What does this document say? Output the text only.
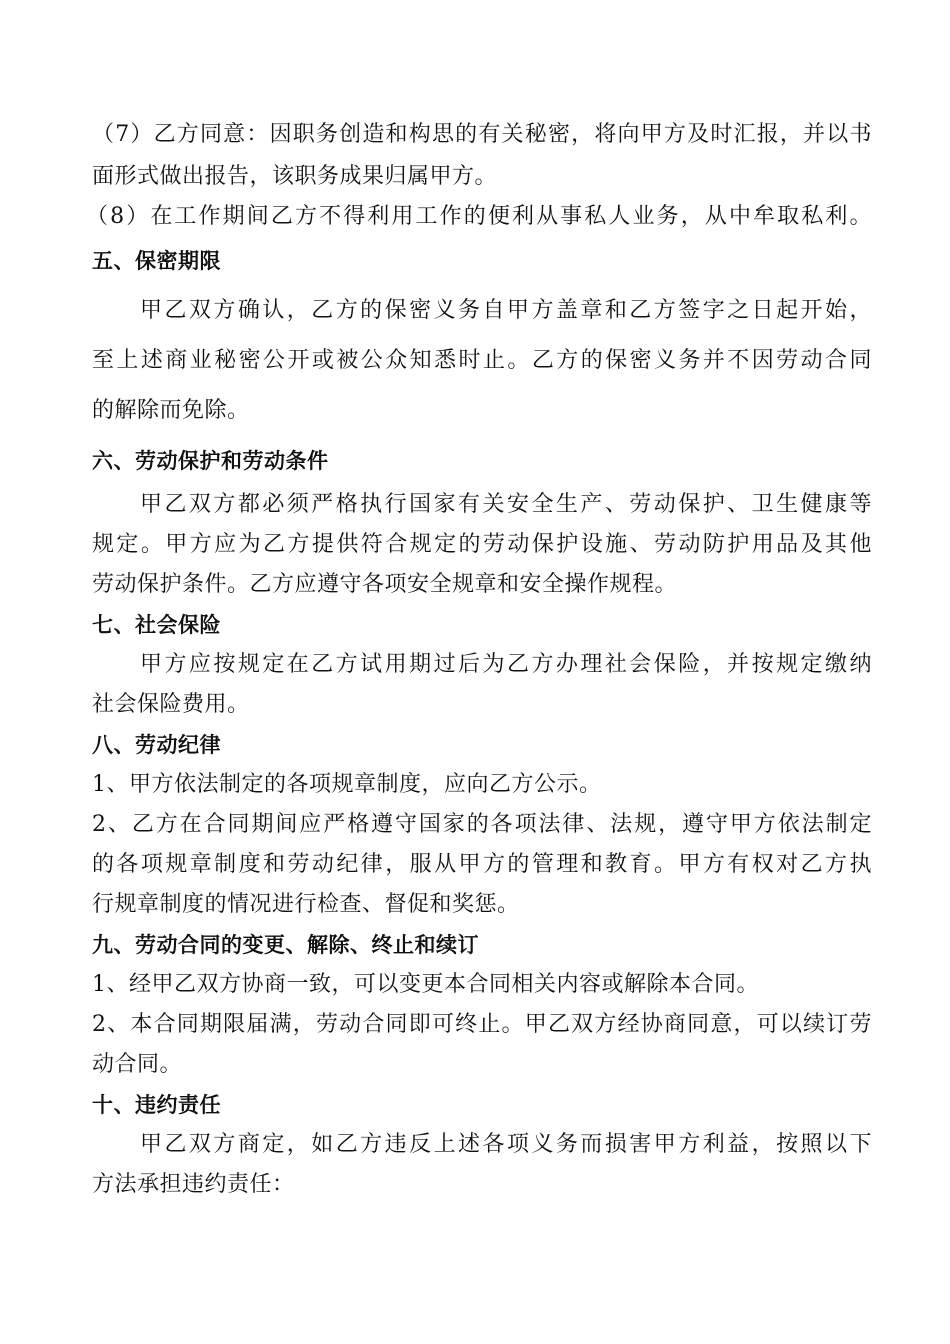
（7）乙方同意：因职务创造和构思的有关秘密，将向甲方及时汇报，并以书
面形式做出报告，该职务成果归属甲方。
（8）在工作期间乙方不得利用工作的便利从事私人业务，从中牟取私利。
五、保密期限
甲乙双方确认，乙方的保密义务自甲方盖章和乙方签字之日起开始，
至上述商业秘密公开或被公众知悉时止。乙方的保密义务并不因劳动合同
的解除而免除。
六、劳动保护和劳动条件
甲乙双方都必须严格执行国家有关安全生产、劳动保护、卫生健康等
规定。甲方应为乙方提供符合规定的劳动保护设施、劳动防护用品及其他
劳动保护条件。乙方应遵守各项安全规章和安全操作规程。
七、社会保险
甲方应按规定在乙方试用期过后为乙方办理社会保险，并按规定缴纳
社会保险费用。
八、劳动纪律
1、甲方依法制定的各项规章制度，应向乙方公示。
2、乙方在合同期间应严格遵守国家的各项法律、法规，遵守甲方依法制定
的各项规章制度和劳动纪律，服从甲方的管理和教育。甲方有权对乙方执
行规章制度的情况进行检查、督促和奖惩。
九、劳动合同的变更、解除、终止和续订
1、经甲乙双方协商一致，可以变更本合同相关内容或解除本合同。
2、本合同期限届满，劳动合同即可终止。甲乙双方经协商同意，可以续订劳
动合同。
十、违约责任
甲乙双方商定，如乙方违反上述各项义务而损害甲方利益，按照以下
方法承担违约责任：
